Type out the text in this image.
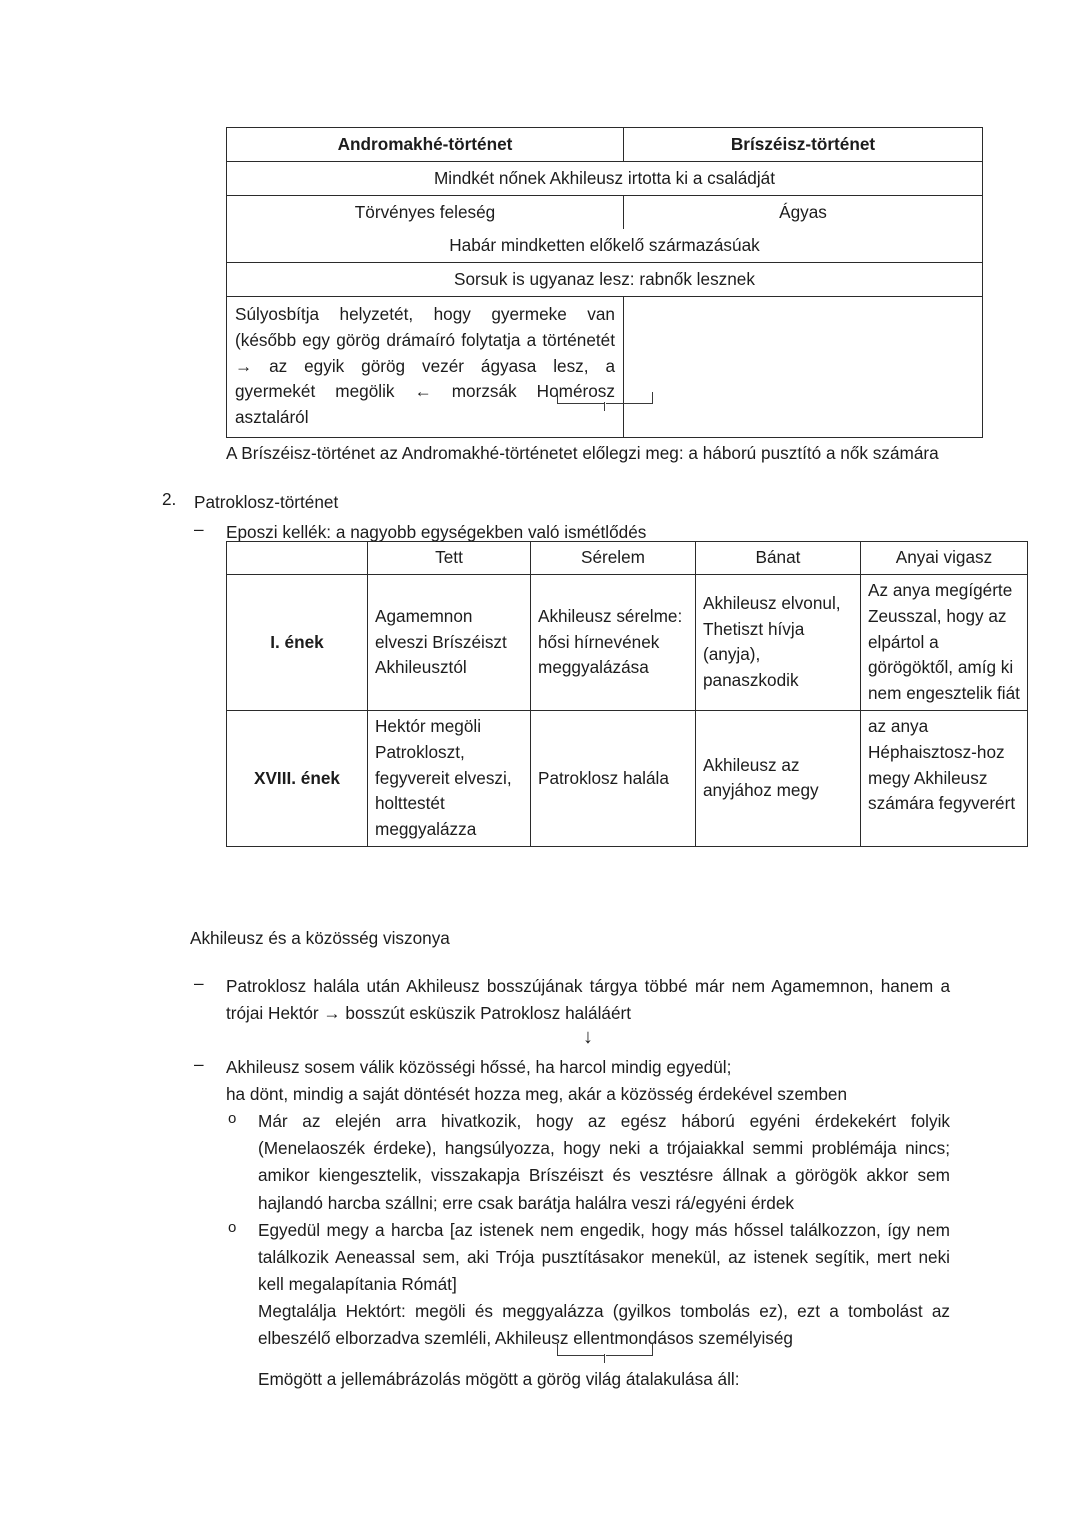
Andromakhé-történet	Bríszéisz-történet
Mindkét nőnek Akhileusz irtotta ki a családját	
Törvényes feleség	Ágyas
Habár mindketten előkelő származásúak	
Sorsuk is ugyanaz lesz: rabnők lesznek	
Súlyosbítja helyzetét, hogy gyermeke van (később egy görög drámaíró folytatja a történetét → az egyik görög vezér ágyasa lesz, a gyermekét megölik ← morzsák Homérosz asztaláról	
A Bríszéisz-történet az Andromakhé-történetet előlegzi meg: a háború pusztító a nők számára
2. Patroklosz-történet
– Eposzi kellék: a nagyobb egységekben való ismétlődés
	Tett	Sérelem	Bánat	Anyai vigasz
I. ének	Agamemnon elveszi Bríszéiszt Akhileusztól	Akhileusz sérelme: hősi hírnevének meggyalázása	Akhileusz elvonul, Thetiszt hívja (anyja), panaszkodik	Az anya megígérte Zeusszal, hogy az elpártol a görögöktől, amíg ki nem engesztelik fiát
XVIII. ének	Hektór megöli Patrokloszt, fegyvereit elveszi, holttestét meggyalázza	Patroklosz halála	Akhileusz az anyjához megy	az anya Héphaisztosz-hoz megy Akhileusz számára fegyverért
Akhileusz és a közösség viszonya
– Patroklosz halála után Akhileusz bosszújának tárgya többé már nem Agamemnon, hanem a trójai Hektór → bosszút esküszik Patroklosz haláláért
↓
– Akhileusz sosem válik közösségi hőssé, ha harcol mindig egyedül;
ha dönt, mindig a saját döntését hozza meg, akár a közösség érdekével szemben
o Már az elején arra hivatkozik, hogy az egész háború egyéni érdekekért folyik (Menelaoszék érdeke), hangsúlyozza, hogy neki a trójaiakkal semmi problémája nincs; amikor kiengesztelik, visszakapja Bríszéiszt és vesztésre állnak a görögök akkor sem hajlandó harcba szállni; erre csak barátja halálra veszi rá/egyéni érdek
o Egyedül megy a harcba [az istenek nem engedik, hogy más hőssel találkozzon, így nem találkozik Aeneassal sem, aki Trója pusztításakor menekül, az istenek segítik, mert neki kell megalapítania Rómát]
Megtalálja Hektórt: megöli és meggyalázza (gyilkos tombolás ez), ezt a tombolást az elbeszélő elborzadva szemléli, Akhileusz ellentmondásos személyiség
Emögött a jellemábrázolás mögött a görög világ átalakulása áll:
